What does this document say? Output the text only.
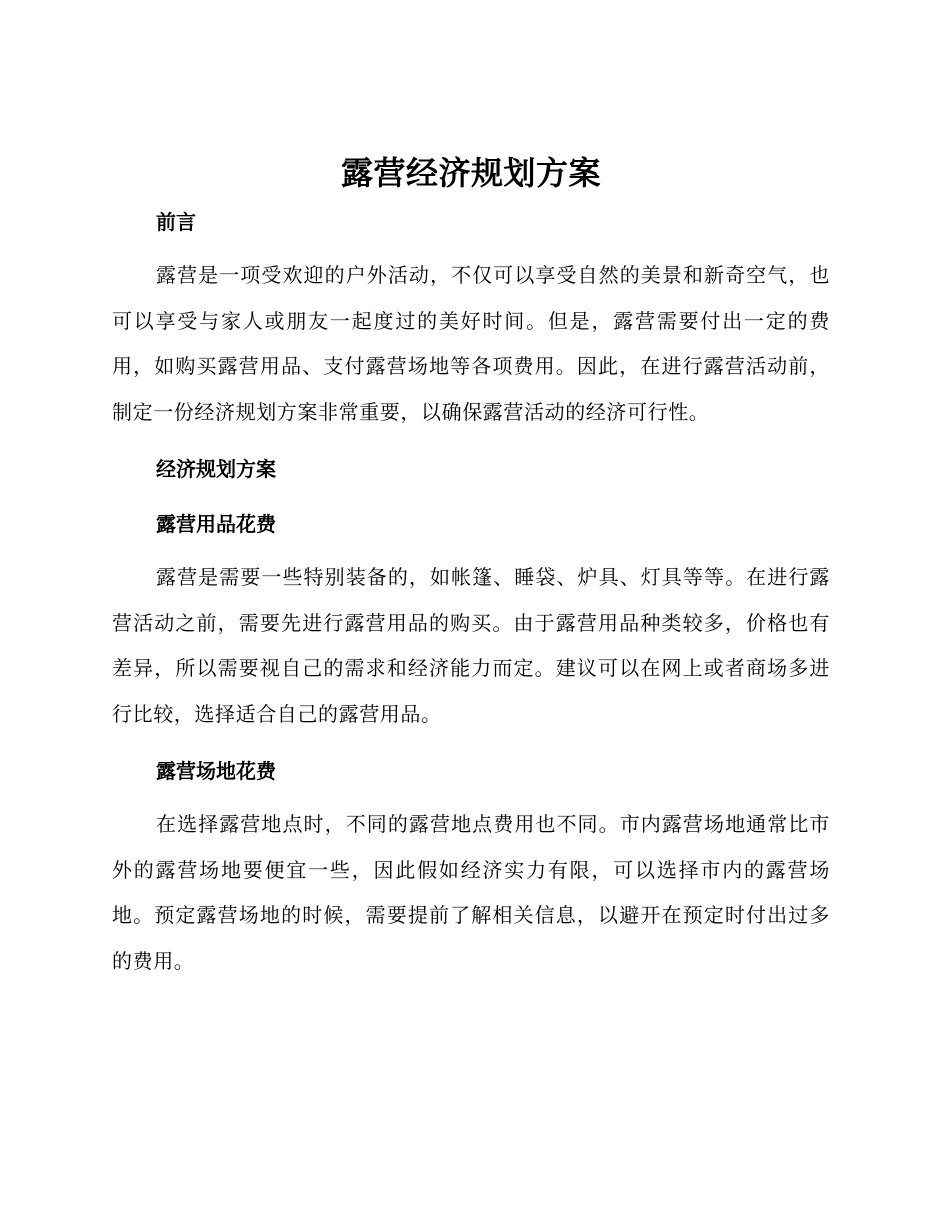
露营经济规划方案
前言

露营是一项受欢迎的户外活动，不仅可以享受自然的美景和新奇空气，也可以享受与家人或朋友一起度过的美好时间。但是，露营需要付出一定的费用，如购买露营用品、支付露营场地等各项费用。因此，在进行露营活动前，制定一份经济规划方案非常重要，以确保露营活动的经济可行性。

经济规划方案
露营用品花费

露营是需要一些特别装备的，如帐篷、睡袋、炉具、灯具等等。在进行露营活动之前，需要先进行露营用品的购买。由于露营用品种类较多，价格也有差异，所以需要视自己的需求和经济能力而定。建议可以在网上或者商场多进行比较，选择适合自己的露营用品。

露营场地花费

在选择露营地点时，不同的露营地点费用也不同。市内露营场地通常比市外的露营场地要便宜一些，因此假如经济实力有限，可以选择市内的露营场地。预定露营场地的时候，需要提前了解相关信息，以避开在预定时付出过多的费用。
